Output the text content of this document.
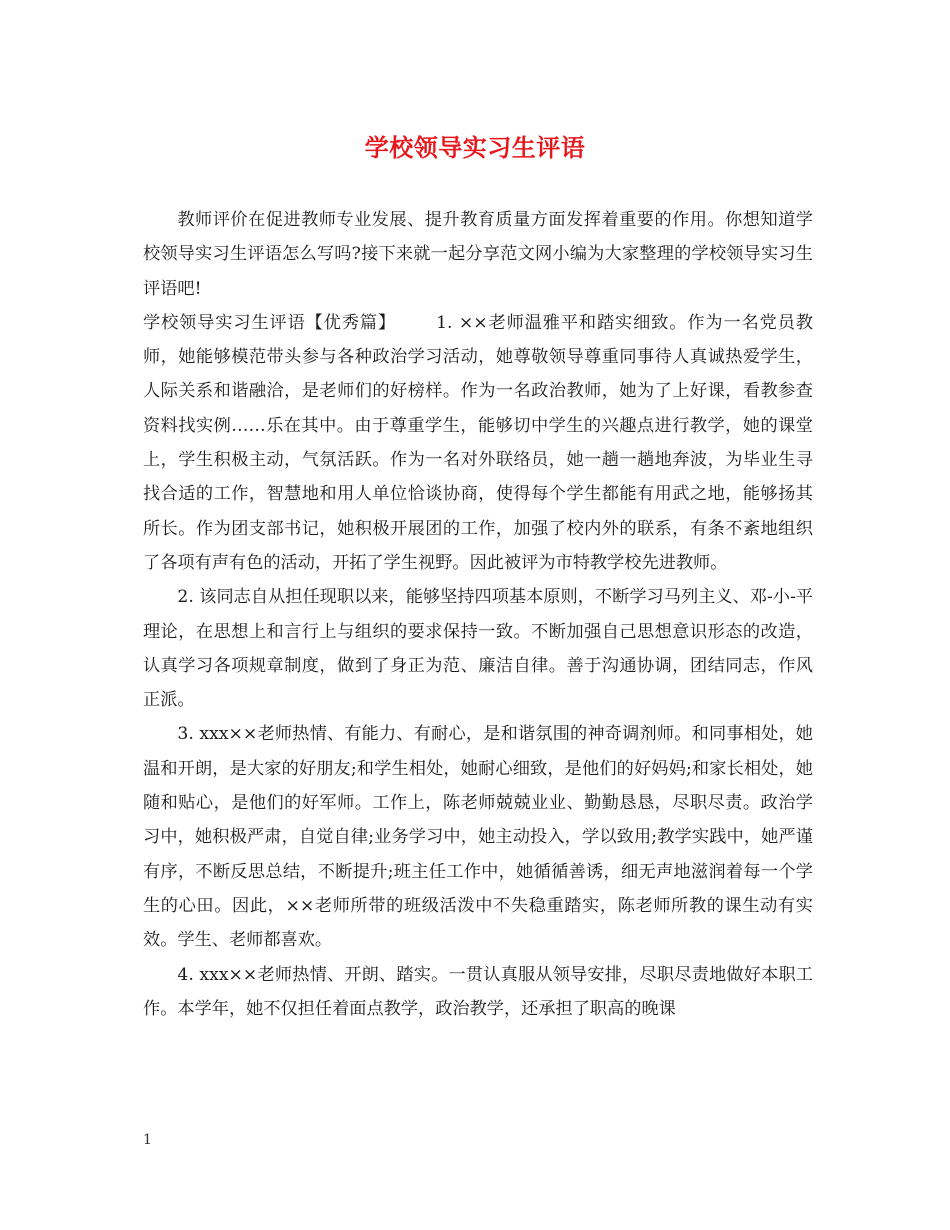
学校领导实习生评语

教师评价在促进教师专业发展、提升教育质量方面发挥着重要的作用。你想知道学校领导实习生评语怎么写吗?接下来就一起分享范文网小编为大家整理的学校领导实习生评语吧!

学校领导实习生评语【优秀篇】 1. ××老师温雅平和踏实细致。作为一名党员教师，她能够模范带头参与各种政治学习活动，她尊敬领导尊重同事待人真诚热爱学生，人际关系和谐融洽，是老师们的好榜样。作为一名政治教师，她为了上好课，看教参查资料找实例……乐在其中。由于尊重学生，能够切中学生的兴趣点进行教学，她的课堂上，学生积极主动，气氛活跃。作为一名对外联络员，她一趟一趟地奔波，为毕业生寻找合适的工作，智慧地和用人单位恰谈协商，使得每个学生都能有用武之地，能够扬其所长。作为团支部书记，她积极开展团的工作，加强了校内外的联系，有条不紊地组织了各项有声有色的活动，开拓了学生视野。因此被评为市特教学校先进教师。

2. 该同志自从担任现职以来，能够坚持四项基本原则，不断学习马列主义、邓-小-平理论，在思想上和言行上与组织的要求保持一致。不断加强自己思想意识形态的改造，认真学习各项规章制度，做到了身正为范、廉洁自律。善于沟通协调，团结同志，作风正派。

3. xxx××老师热情、有能力、有耐心，是和谐氛围的神奇调剂师。和同事相处，她温和开朗，是大家的好朋友;和学生相处，她耐心细致，是他们的好妈妈;和家长相处，她随和贴心，是他们的好军师。工作上，陈老师兢兢业业、勤勤恳恳，尽职尽责。政治学习中，她积极严肃，自觉自律;业务学习中，她主动投入，学以致用;教学实践中，她严谨有序，不断反思总结，不断提升;班主任工作中，她循循善诱，细无声地滋润着每一个学生的心田。因此，××老师所带的班级活泼中不失稳重踏实，陈老师所教的课生动有实效。学生、老师都喜欢。

4. xxx××老师热情、开朗、踏实。一贯认真服从领导安排，尽职尽责地做好本职工作。本学年，她不仅担任着面点教学，政治教学，还承担了职高的晚课

1
